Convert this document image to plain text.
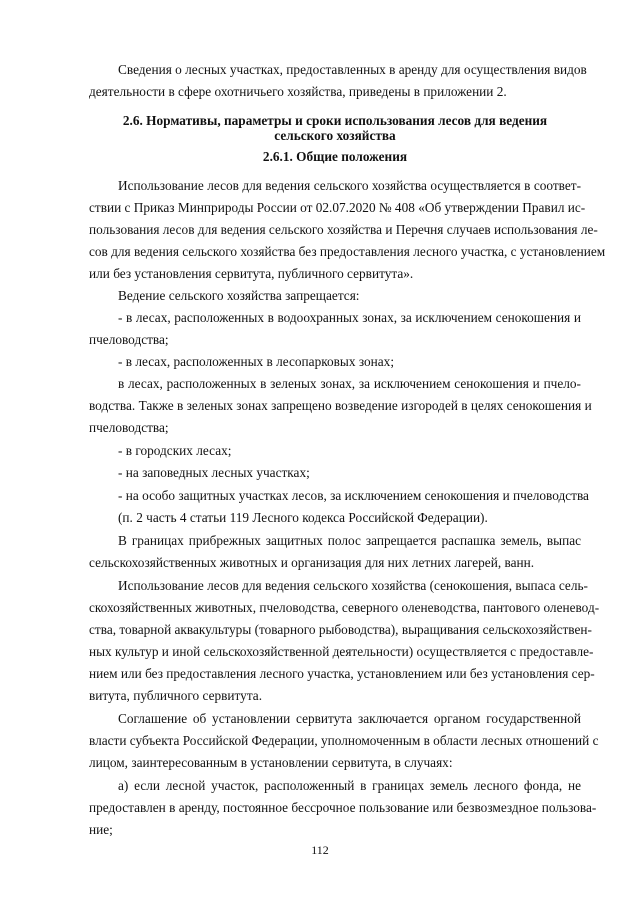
Сведения о лесных участках, предоставленных в аренду для осуществления видов
деятельности в сфере охотничьего хозяйства, приведены в приложении 2.
2.6. Нормативы, параметры и сроки использования лесов для ведения
сельского хозяйства
2.6.1. Общие положения
Использование лесов для ведения сельского хозяйства осуществляется в соответ-
ствии с Приказ Минприроды России от 02.07.2020 № 408 «Об утверждении Правил ис-
пользования лесов для ведения сельского хозяйства и Перечня случаев использования ле-
сов для ведения сельского хозяйства без предоставления лесного участка, с установлением
или без установления сервитута, публичного сервитута».
Ведение сельского хозяйства запрещается:
- в лесах, расположенных в водоохранных зонах, за исключением сенокошения и
пчеловодства;
- в лесах, расположенных в лесопарковых зонах;
в лесах, расположенных в зеленых зонах, за исключением сенокошения и пчело-
водства. Также в зеленых зонах запрещено возведение изгородей в целях сенокошения и
пчеловодства;
- в городских лесах;
- на заповедных лесных участках;
- на особо защитных участках лесов, за исключением сенокошения и пчеловодства
(п. 2 часть 4 статьи 119 Лесного кодекса Российской Федерации).
В границах прибрежных защитных полос запрещается распашка земель, выпас
сельскохозяйственных животных и организация для них летних лагерей, ванн.
Использование лесов для ведения сельского хозяйства (сенокошения, выпаса сель-
скохозяйственных животных, пчеловодства, северного оленеводства, пантового оленевод-
ства, товарной аквакультуры (товарного рыбоводства), выращивания сельскохозяйствен-
ных культур и иной сельскохозяйственной деятельности) осуществляется с предоставле-
нием или без предоставления лесного участка, установлением или без установления сер-
витута, публичного сервитута.
Соглашение об установлении сервитута заключается органом государственной
власти субъекта Российской Федерации, уполномоченным в области лесных отношений с
лицом, заинтересованным в установлении сервитута, в случаях:
а) если лесной участок, расположенный в границах земель лесного фонда, не
предоставлен в аренду, постоянное бессрочное пользование или безвозмездное пользова-
ние;
112
